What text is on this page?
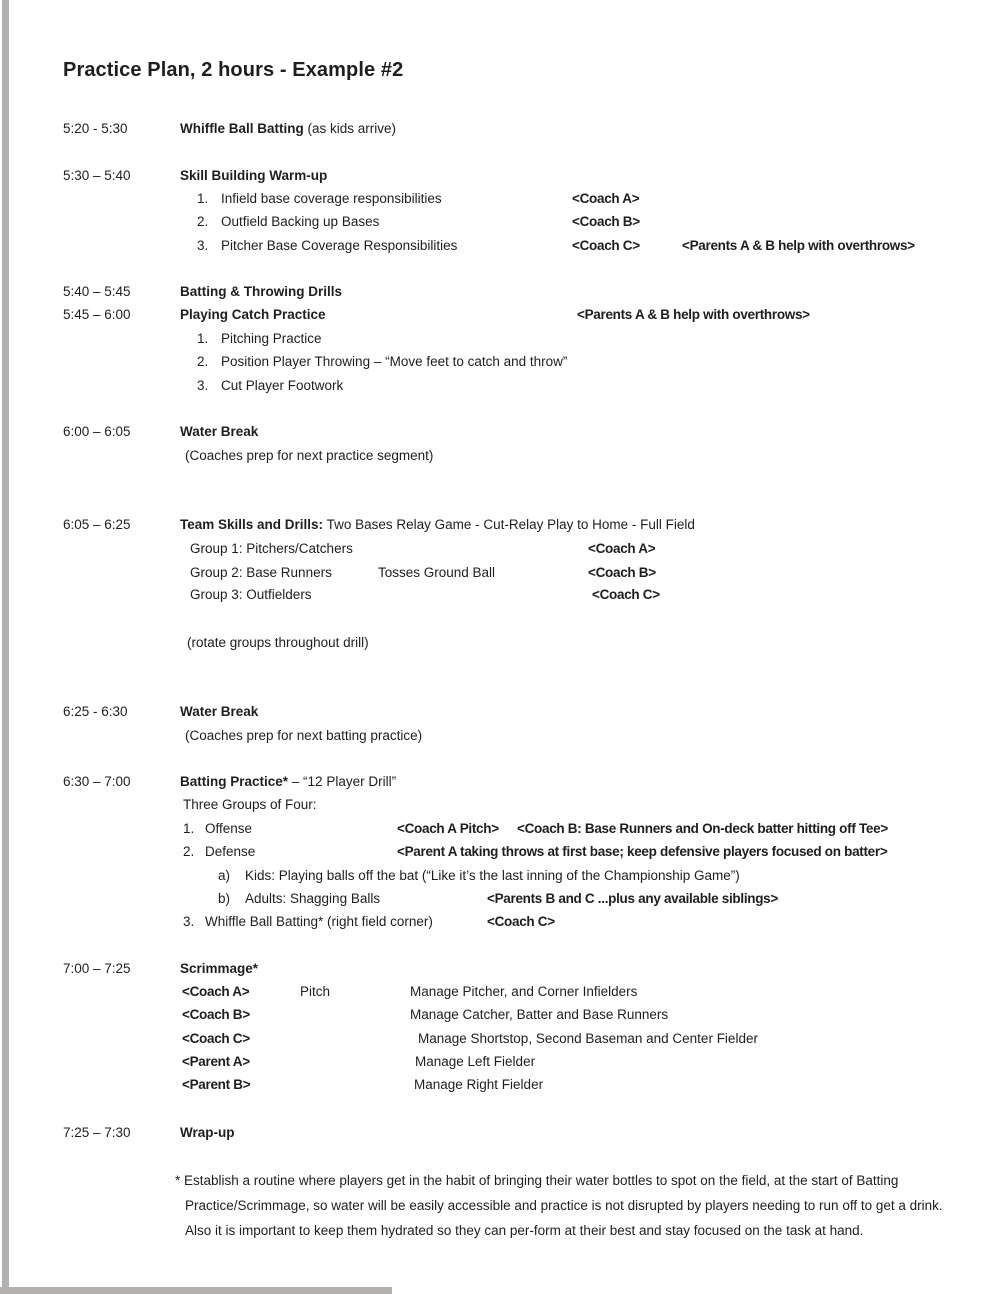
Practice Plan, 2 hours - Example #2
5:20 - 5:30	Whiffle Ball Batting (as kids arrive)
5:30 – 5:40	Skill Building Warm-up
1. Infield base coverage responsibilities	<Coach A>
2. Outfield Backing up Bases	<Coach B>
3. Pitcher Base Coverage Responsibilities	<Coach C>	<Parents A & B help with overthrows>
5:40 – 5:45	Batting & Throwing Drills
5:45 – 6:00	Playing Catch Practice	<Parents A & B help with overthrows>
1. Pitching Practice
2. Position Player Throwing – “Move feet to catch and throw”
3. Cut Player Footwork
6:00 – 6:05	Water Break
(Coaches prep for next practice segment)
6:05 – 6:25	Team Skills and Drills: Two Bases Relay Game - Cut-Relay Play to Home - Full Field
Group 1: Pitchers/Catchers	<Coach A>
Group 2: Base Runners	Tosses Ground Ball	<Coach B>
Group 3: Outfielders	<Coach C>
(rotate groups throughout drill)
6:25 - 6:30	Water Break
(Coaches prep for next batting practice)
6:30 – 7:00	Batting Practice* – “12 Player Drill”
Three Groups of Four:
1. Offense	<Coach A Pitch> <Coach B: Base Runners and On-deck batter hitting off Tee>
2. Defense	<Parent A taking throws at first base; keep defensive players focused on batter>
a) Kids: Playing balls off the bat (“Like it’s the last inning of the Championship Game”)
b) Adults: Shagging Balls	<Parents B and C ...plus any available siblings>
3. Whiffle Ball Batting* (right field corner)	<Coach C>
7:00 – 7:25	Scrimmage*
<Coach A>	Pitch	Manage Pitcher, and Corner Infielders
<Coach B>	Manage Catcher, Batter and Base Runners
<Coach C>	Manage Shortstop, Second Baseman and Center Fielder
<Parent A>	Manage Left Fielder
<Parent B>	Manage Right Fielder
7:25 – 7:30	Wrap-up
* Establish a routine where players get in the habit of bringing their water bottles to spot on the field, at the start of Batting Practice/Scrimmage, so water will be easily accessible and practice is not disrupted by players needing to run off to get a drink. Also it is important to keep them hydrated so they can per-form at their best and stay focused on the task at hand.
